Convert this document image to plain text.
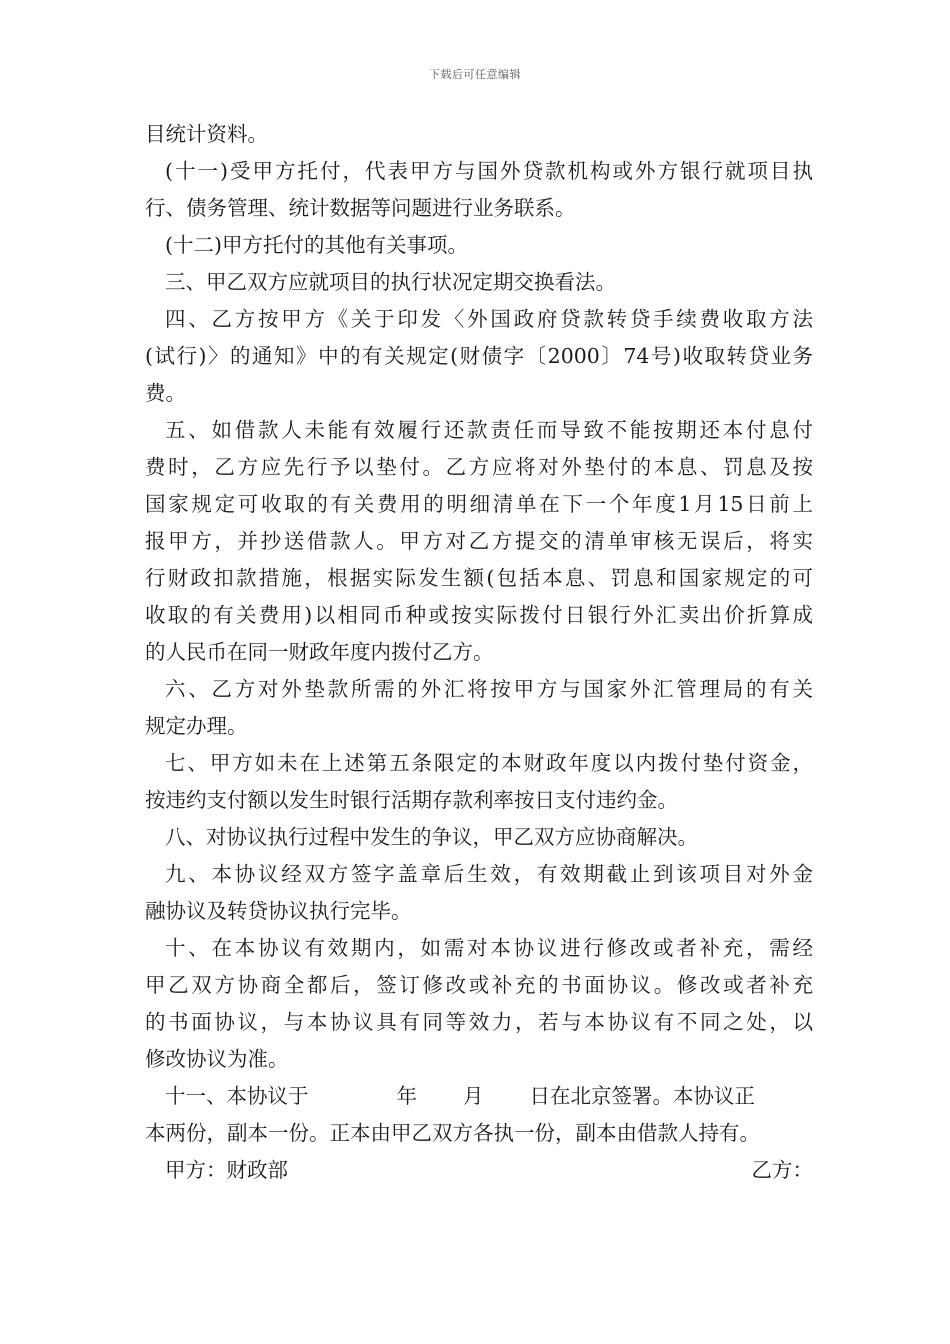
下载后可任意编辑
目统计资料。
(十一)受甲方托付，代表甲方与国外贷款机构或外方银行就项目执
行、债务管理、统计数据等问题进行业务联系。
(十二)甲方托付的其他有关事项。
三、甲乙双方应就项目的执行状况定期交换看法。
四、乙方按甲方《关于印发〈外国政府贷款转贷手续费收取方法
(试行)〉的通知》中的有关规定(财债字〔2000〕74号)收取转贷业务
费。
五、如借款人未能有效履行还款责任而导致不能按期还本付息付
费时，乙方应先行予以垫付。乙方应将对外垫付的本息、罚息及按
国家规定可收取的有关费用的明细清单在下一个年度1月15日前上
报甲方，并抄送借款人。甲方对乙方提交的清单审核无误后，将实
行财政扣款措施，根据实际发生额(包括本息、罚息和国家规定的可
收取的有关费用)以相同币种或按实际拨付日银行外汇卖出价折算成
的人民币在同一财政年度内拨付乙方。
六、乙方对外垫款所需的外汇将按甲方与国家外汇管理局的有关
规定办理。
七、甲方如未在上述第五条限定的本财政年度以内拨付垫付资金，
按违约支付额以发生时银行活期存款利率按日支付违约金。
八、对协议执行过程中发生的争议，甲乙双方应协商解决。
九、本协议经双方签字盖章后生效，有效期截止到该项目对外金
融协议及转贷协议执行完毕。
十、在本协议有效期内，如需对本协议进行修改或者补充，需经
甲乙双方协商全都后，签订修改或补充的书面协议。修改或者补充
的书面协议，与本协议具有同等效力，若与本协议有不同之处，以
修改协议为准。
十一、本协议于	年 月 日在北京签署。本协议正
本两份，副本一份。正本由甲乙双方各执一份，副本由借款人持有。
甲方：财政部	乙方：
